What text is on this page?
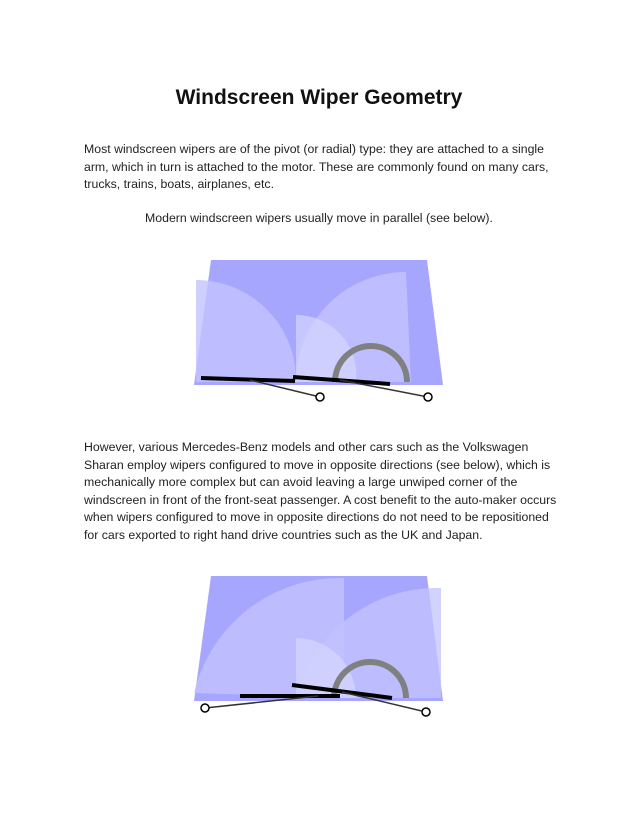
Windscreen Wiper Geometry
Most windscreen wipers are of the pivot (or radial) type: they are attached to a single arm, which in turn is attached to the motor. These are commonly found on many cars, trucks, trains, boats, airplanes, etc.
Modern windscreen wipers usually move in parallel (see below).
However, various Mercedes-Benz models and other cars such as the Volkswagen Sharan employ wipers configured to move in opposite directions (see below), which is mechanically more complex but can avoid leaving a large unwiped corner of the windscreen in front of the front-seat passenger. A cost benefit to the auto-maker occurs when wipers configured to move in opposite directions do not need to be repositioned for cars exported to right hand drive countries such as the UK and Japan.
